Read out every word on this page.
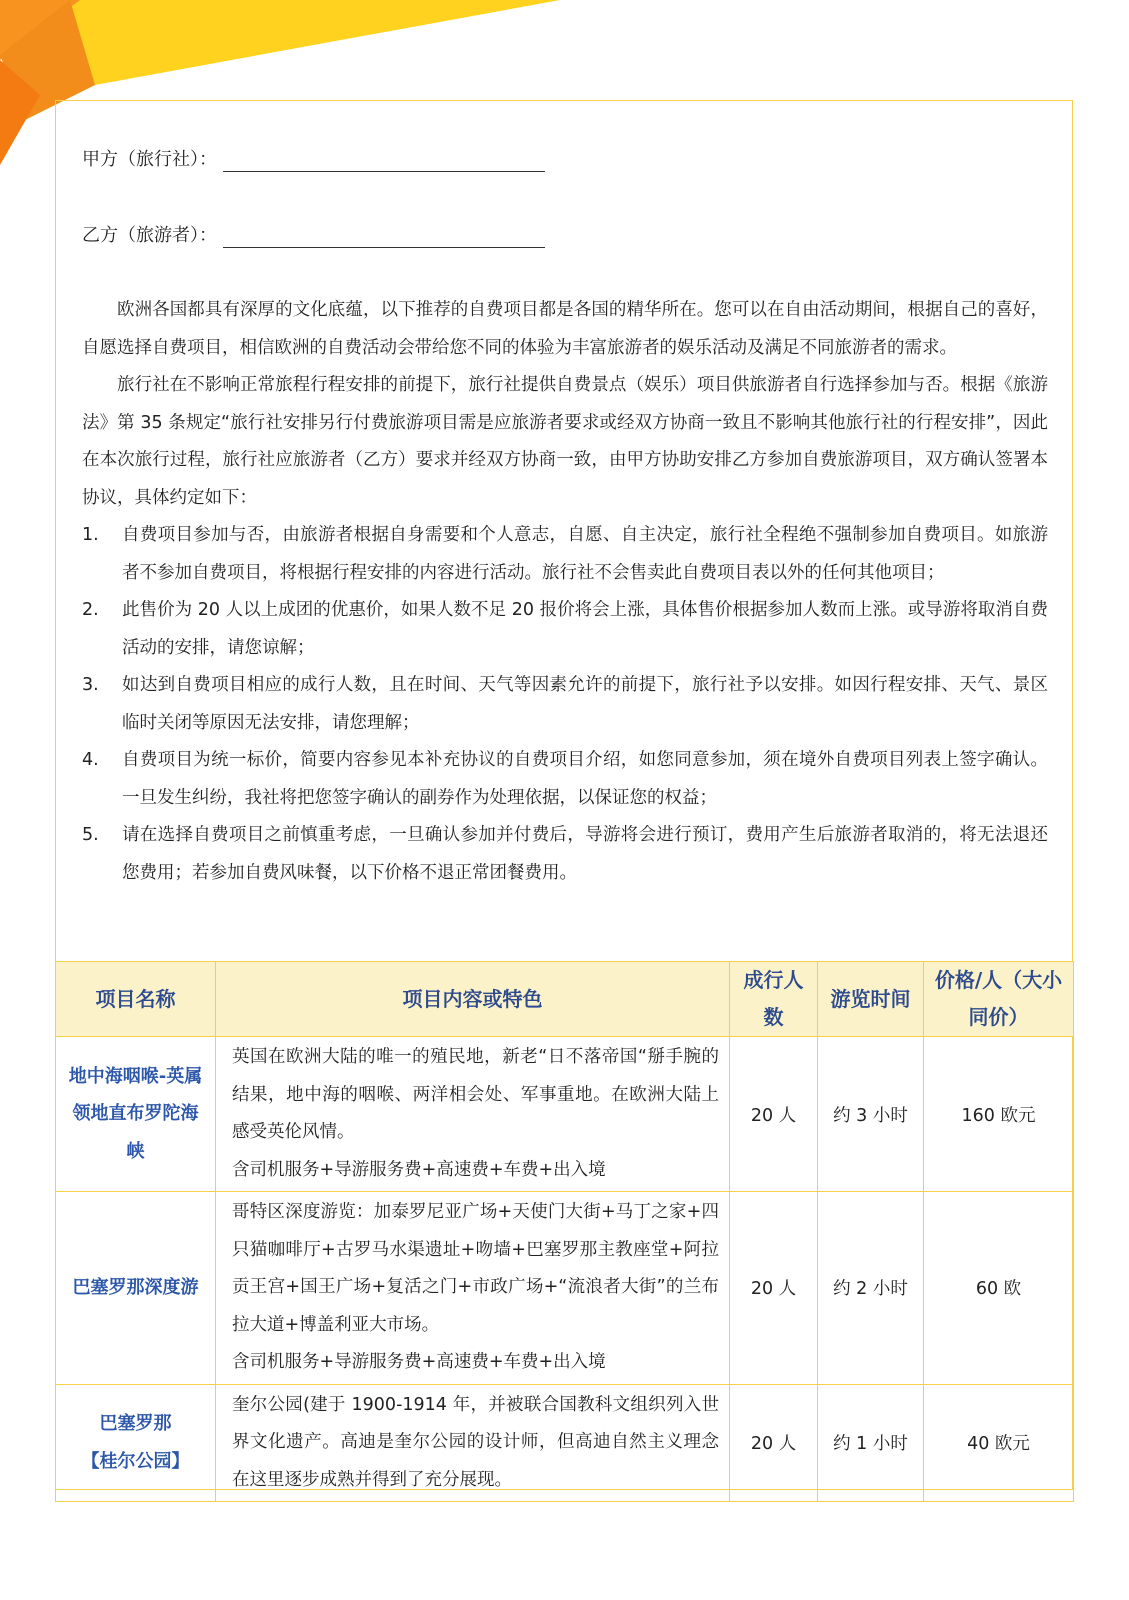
甲方（旅行社）：
乙方（旅游者）：

欧洲各国都具有深厚的文化底蕴，以下推荐的自费项目都是各国的精华所在。您可以在自由活动期间，根据自己的喜好，自愿选择自费项目，相信欧洲的自费活动会带给您不同的体验为丰富旅游者的娱乐活动及满足不同旅游者的需求。

旅行社在不影响正常旅程行程安排的前提下，旅行社提供自费景点（娱乐）项目供旅游者自行选择参加与否。根据《旅游法》第 35 条规定“旅行社安排另行付费旅游项目需是应旅游者要求或经双方协商一致且不影响其他旅行社的行程安排”，因此在本次旅行过程，旅行社应旅游者（乙方）要求并经双方协商一致，由甲方协助安排乙方参加自费旅游项目，双方确认签署本协议，具体约定如下：

1. 自费项目参加与否，由旅游者根据自身需要和个人意志，自愿、自主决定，旅行社全程绝不强制参加自费项目。如旅游者不参加自费项目，将根据行程安排的内容进行活动。旅行社不会售卖此自费项目表以外的任何其他项目；

2. 此售价为 20 人以上成团的优惠价，如果人数不足 20 报价将会上涨，具体售价根据参加人数而上涨。或导游将取消自费活动的安排，请您谅解；

3. 如达到自费项目相应的成行人数，且在时间、天气等因素允许的前提下，旅行社予以安排。如因行程安排、天气、景区临时关闭等原因无法安排，请您理解；

4. 自费项目为统一标价，简要内容参见本补充协议的自费项目介绍，如您同意参加，须在境外自费项目列表上签字确认。一旦发生纠纷，我社将把您签字确认的副券作为处理依据，以保证您的权益；

5. 请在选择自费项目之前慎重考虑，一旦确认参加并付费后，导游将会进行预订，费用产生后旅游者取消的，将无法退还您费用；若参加自费风味餐，以下价格不退正常团餐费用。

项目名称	项目内容或特色	成行人数	游览时间	价格/人（大小同价）
地中海咽喉-英属领地直布罗陀海峡	英国在欧洲大陆的唯一的殖民地，新老“日不落帝国“掰手腕的结果，地中海的咽喉、两洋相会处、军事重地。在欧洲大陆上感受英伦风情。
含司机服务+导游服务费+高速费+车费+出入境	20 人	约 3 小时	160 欧元
巴塞罗那深度游	哥特区深度游览：加泰罗尼亚广场+天使门大街+马丁之家+四只猫咖啡厅+古罗马水渠遗址+吻墙+巴塞罗那主教座堂+阿拉贡王宫+国王广场+复活之门+市政广场+“流浪者大街”的兰布拉大道+博盖利亚大市场。
含司机服务+导游服务费+高速费+车费+出入境	20 人	约 2 小时	60 欧

巴塞罗那
【桂尔公园】	奎尔公园(建于 1900-1914 年，并被联合国教科文组织列入世界文化遗产。高迪是奎尔公园的设计师，但高迪自然主义理念在这里逐步成熟并得到了充分展现。	20 人	约 1 小时	40 欧元
